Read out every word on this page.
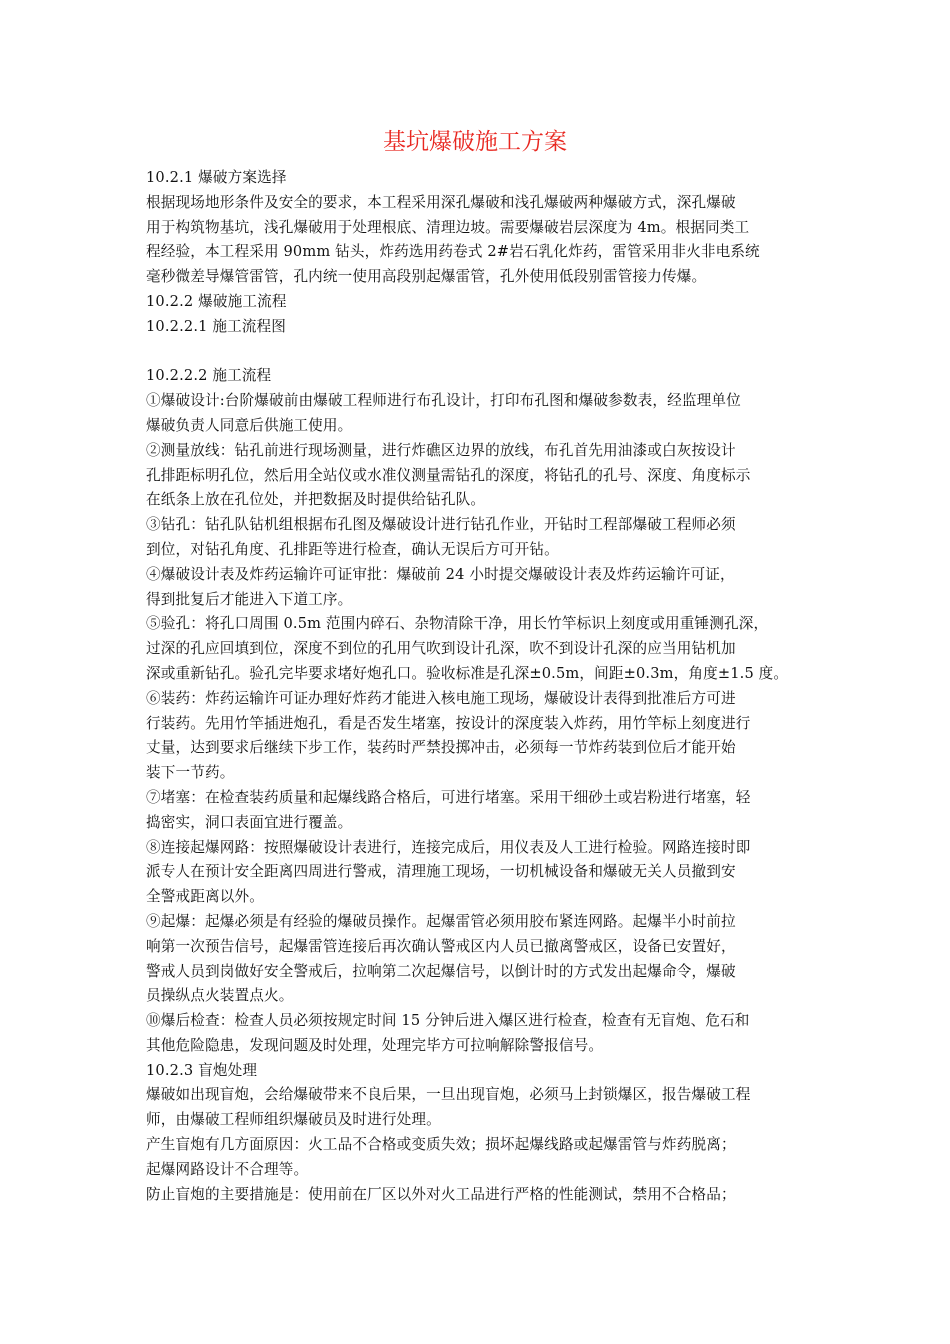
基坑爆破施工方案
10.2.1 爆破方案选择
根据现场地形条件及安全的要求，本工程采用深孔爆破和浅孔爆破两种爆破方式，深孔爆破
用于构筑物基坑，浅孔爆破用于处理根底、清理边坡。需要爆破岩层深度为 4m。根据同类工
程经验，本工程采用 90mm 钻头，炸药选用药卷式 2#岩石乳化炸药，雷管采用非火非电系统
毫秒微差导爆管雷管，孔内统一使用高段别起爆雷管，孔外使用低段别雷管接力传爆。
10.2.2 爆破施工流程
10.2.2.1 施工流程图
10.2.2.2 施工流程
①爆破设计:台阶爆破前由爆破工程师进行布孔设计，打印布孔图和爆破参数表，经监理单位
爆破负责人同意后供施工使用。
②测量放线：钻孔前进行现场测量，进行炸礁区边界的放线，布孔首先用油漆或白灰按设计
孔排距标明孔位，然后用全站仪或水准仪测量需钻孔的深度，将钻孔的孔号、深度、角度标示
在纸条上放在孔位处，并把数据及时提供给钻孔队。
③钻孔：钻孔队钻机组根据布孔图及爆破设计进行钻孔作业，开钻时工程部爆破工程师必须
到位，对钻孔角度、孔排距等进行检查，确认无误后方可开钻。
④爆破设计表及炸药运输许可证审批：爆破前 24 小时提交爆破设计表及炸药运输许可证，
得到批复后才能进入下道工序。
⑤验孔：将孔口周围 0.5m 范围内碎石、杂物清除干净，用长竹竿标识上刻度或用重锤测孔深，
过深的孔应回填到位，深度不到位的孔用气吹到设计孔深，吹不到设计孔深的应当用钻机加
深或重新钻孔。验孔完毕要求堵好炮孔口。验收标准是孔深±0.5m，间距±0.3m，角度±1.5 度。
⑥装药：炸药运输许可证办理好炸药才能进入核电施工现场，爆破设计表得到批准后方可进
行装药。先用竹竿插进炮孔，看是否发生堵塞，按设计的深度装入炸药，用竹竿标上刻度进行
丈量，达到要求后继续下步工作，装药时严禁投掷冲击，必须每一节炸药装到位后才能开始
装下一节药。
⑦堵塞：在检查装药质量和起爆线路合格后，可进行堵塞。采用干细砂土或岩粉进行堵塞，轻
捣密实，洞口表面宜进行覆盖。
⑧连接起爆网路：按照爆破设计表进行，连接完成后，用仪表及人工进行检验。网路连接时即
派专人在预计安全距离四周进行警戒，清理施工现场，一切机械设备和爆破无关人员撤到安
全警戒距离以外。
⑨起爆：起爆必须是有经验的爆破员操作。起爆雷管必须用胶布紧连网路。起爆半小时前拉
响第一次预告信号，起爆雷管连接后再次确认警戒区内人员已撤离警戒区，设备已安置好，
警戒人员到岗做好安全警戒后，拉响第二次起爆信号，以倒计时的方式发出起爆命令，爆破
员操纵点火装置点火。
⑩爆后检查：检查人员必须按规定时间 15 分钟后进入爆区进行检查，检查有无盲炮、危石和
其他危险隐患，发现问题及时处理，处理完毕方可拉响解除警报信号。
10.2.3 盲炮处理
爆破如出现盲炮，会给爆破带来不良后果，一旦出现盲炮，必须马上封锁爆区，报告爆破工程
师，由爆破工程师组织爆破员及时进行处理。
产生盲炮有几方面原因：火工品不合格或变质失效；损坏起爆线路或起爆雷管与炸药脱离；
起爆网路设计不合理等。
防止盲炮的主要措施是：使用前在厂区以外对火工品进行严格的性能测试，禁用不合格品；
